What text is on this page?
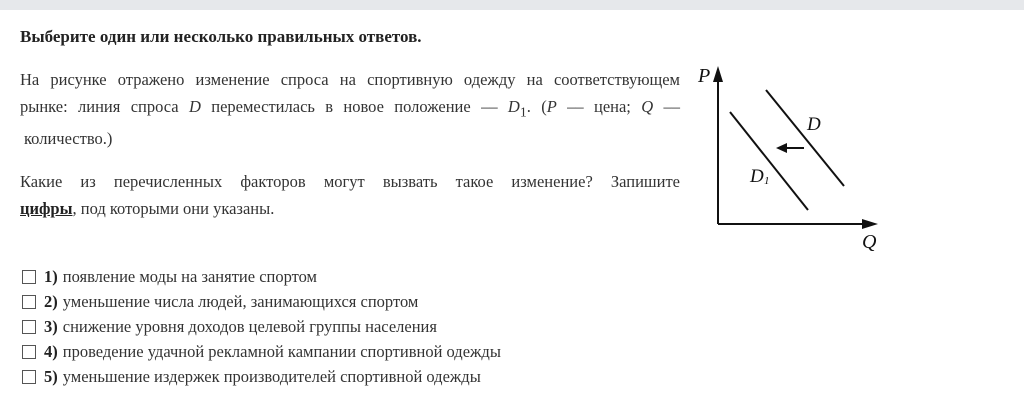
Выберите один или несколько правильных ответов.
На рисунке отражено изменение спроса на спортивную одежду на соответствующем
рынке: линия спроса D переместилась в новое положение –– $D_1$. (P –– цена; Q ––
количество.)
Какие из перечисленных факторов могут вызвать такое изменение? Запишите
цифры, под которыми они указаны.
1) появление моды на занятие спортом
2) уменьшение числа людей, занимающихся спортом
3) снижение уровня доходов целевой группы населения
4) проведение удачной рекламной кампании спортивной одежды
5) уменьшение издержек производителей спортивной одежды
P
Q
D
D 1
